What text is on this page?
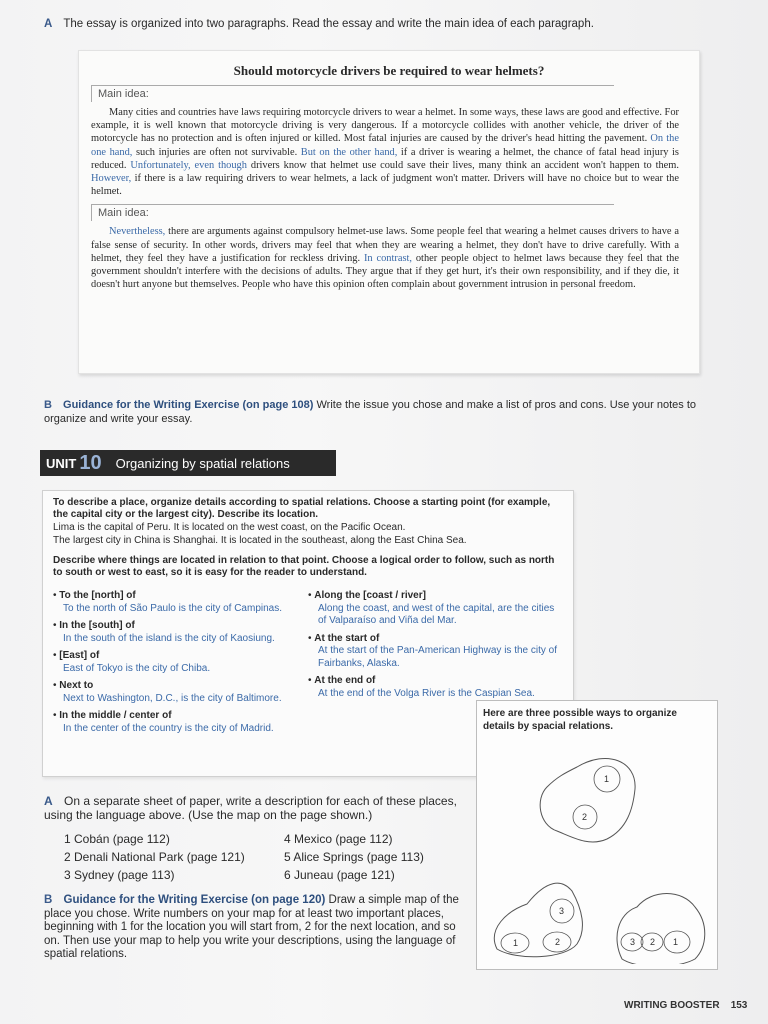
A The essay is organized into two paragraphs. Read the essay and write the main idea of each paragraph.
Should motorcycle drivers be required to wear helmets?
Main idea:

Many cities and countries have laws requiring motorcycle drivers to wear a helmet. In some ways, these laws are good and effective. For example, it is well known that motorcycle driving is very dangerous. If a motorcycle collides with another vehicle, the driver of the motorcycle has no protection and is often injured or killed. Most fatal injuries are caused by the driver's head hitting the pavement. On the one hand, such injuries are often not survivable. But on the other hand, if a driver is wearing a helmet, the chance of fatal head injury is reduced. Unfortunately, even though drivers know that helmet use could save their lives, many think an accident won't happen to them. However, if there is a law requiring drivers to wear helmets, a lack of judgment won't matter. Drivers will have no choice but to wear the helmet.

Main idea:

Nevertheless, there are arguments against compulsory helmet-use laws. Some people feel that wearing a helmet causes drivers to have a false sense of security. In other words, drivers may feel that when they are wearing a helmet, they don't have to drive carefully. With a helmet, they feel they have a justification for reckless driving. In contrast, other people object to helmet laws because they feel that the government shouldn't interfere with the decisions of adults. They argue that if they get hurt, it's their own responsibility, and if they die, it doesn't hurt anyone but themselves. People who have this opinion often complain about government intrusion in personal freedom.

B Guidance for the Writing Exercise (on page 108) Write the issue you chose and make a list of pros and cons. Use your notes to organize and write your essay.
UNIT 10 Organizing by spatial relations

To describe a place, organize details according to spatial relations. Choose a starting point (for example, the capital city or the largest city). Describe its location.

Lima is the capital of Peru. It is located on the west coast, on the Pacific Ocean.

The largest city in China is Shanghai. It is located in the southeast, along the East China Sea.

Describe where things are located in relation to that point. Choose a logical order to follow, such as north to south or west to east, so it is easy for the reader to understand.

• To the [north] of
To the north of São Paulo is the city of Campinas.
• In the [south] of
In the south of the island is the city of Kaosiung.
• [East] of
East of Tokyo is the city of Chiba.
• Next to
Next to Washington, D.C., is the city of Baltimore.
• In the middle / center of
In the center of the country is the city of Madrid.
• Along the [coast / river]
Along the coast, and west of the capital, are the cities of Valparaíso and Viña del Mar.
• At the start of
At the start of the Pan-American Highway is the city of Fairbanks, Alaska.
• At the end of
At the end of the Volga River is the Caspian Sea.
Here are three possible ways to organize details by spacial relations.
1
2
3
2
1	3 2 1
A On a separate sheet of paper, write a description for each of these places, using the language above. (Use the map on the page shown.)
1 Cobán (page 112)
2 Denali National Park (page 121)
3 Sydney (page 113)
4 Mexico (page 112)
5 Alice Springs (page 113)
6 Juneau (page 121)
B Guidance for the Writing Exercise (on page 120) Draw a simple map of the place you chose. Write numbers on your map for at least two important places, beginning with 1 for the location you will start from, 2 for the next location, and so on. Then use your map to help you write your descriptions, using the language of spatial relations.
WRITING BOOSTER 153
